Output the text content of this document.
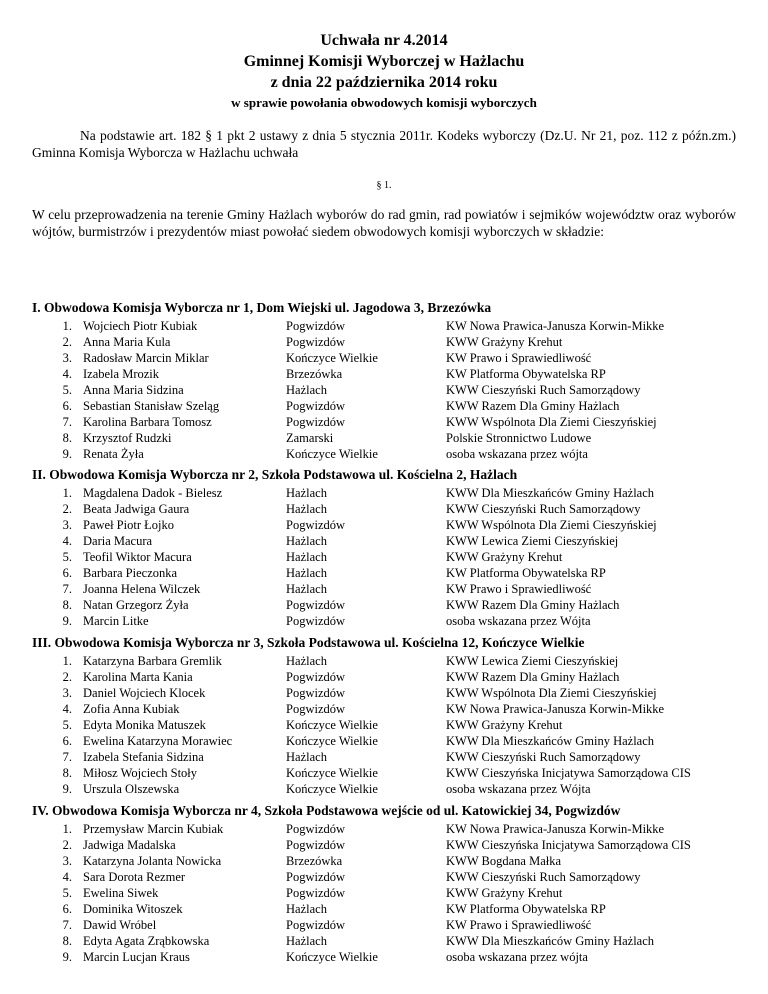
Uchwała nr 4.2014
Gminnej Komisji Wyborczej w Hażlachu
z dnia 22 października 2014 roku
w sprawie powołania obwodowych komisji wyborczych
Na podstawie art. 182 § 1 pkt 2 ustawy z dnia 5 stycznia 2011r. Kodeks wyborczy (Dz.U. Nr 21, poz. 112 z późn.zm.) Gminna Komisja Wyborcza w Hażlachu uchwała
§ 1.
W celu przeprowadzenia na terenie Gminy Hażlach wyborów do rad gmin, rad powiatów i sejmików województw oraz wyborów wójtów, burmistrzów i prezydentów miast powołać siedem obwodowych komisji wyborczych w składzie:
I. Obwodowa Komisja Wyborcza nr 1, Dom Wiejski ul. Jagodowa 3, Brzezówka
1. Wojciech Piotr Kubiak	Pogwizdów	KW Nowa Prawica-Janusza Korwin-Mikke
2. Anna Maria Kula	Pogwizdów	KWW Grażyny Krehut
3. Radosław Marcin Miklar	Kończyce Wielkie	KW Prawo i Sprawiedliwość
4. Izabela Mrozik	Brzezówka	KW Platforma Obywatelska RP
5. Anna Maria Sidzina	Hażlach	KWW Cieszyński Ruch Samorządowy
6. Sebastian Stanisław Szeląg	Pogwizdów	KWW Razem Dla Gminy Hażlach
7. Karolina Barbara Tomosz	Pogwizdów	KWW Wspólnota Dla Ziemi Cieszyńskiej
8. Krzysztof Rudzki	Zamarski	Polskie Stronnictwo Ludowe
9. Renata Żyła	Kończyce Wielkie	osoba wskazana przez wójta
II. Obwodowa Komisja Wyborcza nr 2, Szkoła Podstawowa ul. Kościelna 2, Hażlach
1. Magdalena Dadok - Bielesz	Hażlach	KWW Dla Mieszkańców Gminy Hażlach
2. Beata Jadwiga Gaura	Hażlach	KWW Cieszyński Ruch Samorządowy
3. Paweł Piotr Łojko	Pogwizdów	KWW Wspólnota Dla Ziemi Cieszyńskiej
4. Daria Macura	Hażlach	KWW Lewica Ziemi Cieszyńskiej
5. Teofil Wiktor Macura	Hażlach	KWW Grażyny Krehut
6. Barbara Pieczonka	Hażlach	KW Platforma Obywatelska RP
7. Joanna Helena Wilczek	Hażlach	KW Prawo i Sprawiedliwość
8. Natan Grzegorz Żyła	Pogwizdów	KWW Razem Dla Gminy Hażlach
9. Marcin Litke	Pogwizdów	osoba wskazana przez Wójta
III. Obwodowa Komisja Wyborcza nr 3, Szkoła Podstawowa ul. Kościelna 12, Kończyce Wielkie
1. Katarzyna Barbara Gremlik	Hażlach	KWW Lewica Ziemi Cieszyńskiej
2. Karolina Marta Kania	Pogwizdów	KWW Razem Dla Gminy Hażlach
3. Daniel Wojciech Klocek	Pogwizdów	KWW Wspólnota Dla Ziemi Cieszyńskiej
4. Zofia Anna Kubiak	Pogwizdów	KW Nowa Prawica-Janusza Korwin-Mikke
5. Edyta Monika Matuszek	Kończyce Wielkie	KWW Grażyny Krehut
6. Ewelina Katarzyna Morawiec	Kończyce Wielkie	KWW Dla Mieszkańców Gminy Hażlach
7. Izabela Stefania Sidzina	Hażlach	KWW Cieszyński Ruch Samorządowy
8. Miłosz Wojciech Stoły	Kończyce Wielkie	KWW Cieszyńska Inicjatywa Samorządowa CIS
9. Urszula Olszewska	Kończyce Wielkie	osoba wskazana przez Wójta
IV. Obwodowa Komisja Wyborcza nr 4, Szkoła Podstawowa wejście od ul. Katowickiej 34, Pogwizdów
1. Przemysław Marcin Kubiak	Pogwizdów	KW Nowa Prawica-Janusza Korwin-Mikke
2. Jadwiga Madalska	Pogwizdów	KWW Cieszyńska Inicjatywa Samorządowa CIS
3. Katarzyna Jolanta Nowicka	Brzezówka	KWW Bogdana Małka
4. Sara Dorota Rezmer	Pogwizdów	KWW Cieszyński Ruch Samorządowy
5. Ewelina Siwek	Pogwizdów	KWW Grażyny Krehut
6. Dominika Witoszek	Hażlach	KW Platforma Obywatelska RP
7. Dawid Wróbel	Pogwizdów	KW Prawo i Sprawiedliwość
8. Edyta Agata Zrąbkowska	Hażlach	KWW Dla Mieszkańców Gminy Hażlach
9. Marcin Lucjan Kraus	Kończyce Wielkie	osoba wskazana przez wójta
